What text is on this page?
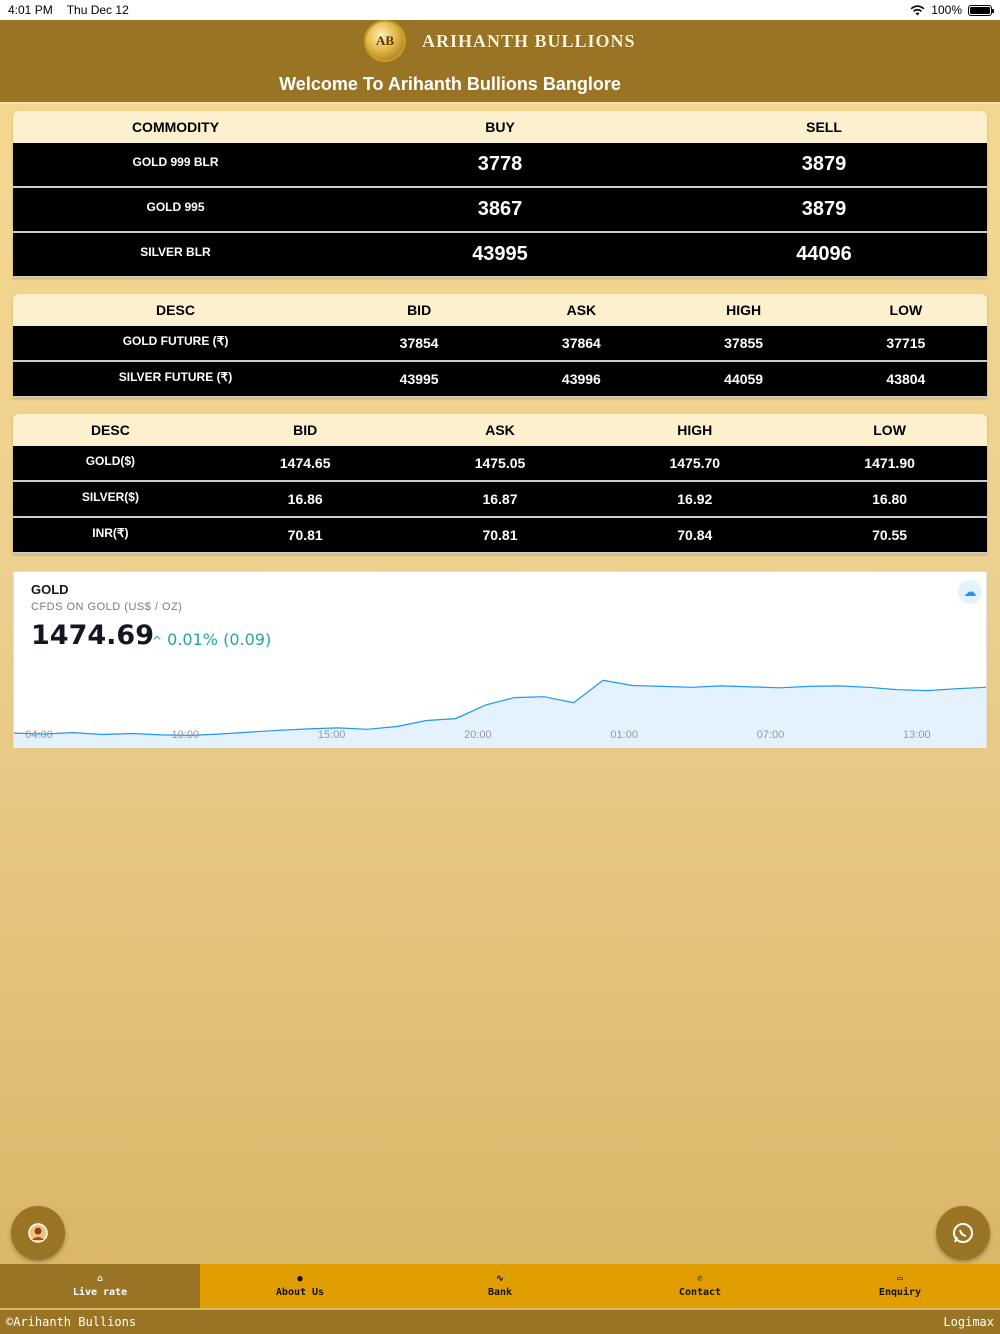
4:01 PM Thu Dec 12	100%
AB	ARIHANTH BULLIONS
Welcome To Arihanth Bullions Banglore
COMMODITY	BUY	SELL
GOLD 999 BLR	3778	3879
GOLD 995	3867	3879
SILVER BLR	43995	44096
DESC	BID	ASK	HIGH	LOW
GOLD FUTURE (₹)	37854	37864	37855	37715
SILVER FUTURE (₹)	43995	43996	44059	43804
DESC	BID	ASK	HIGH	LOW
GOLD($)	1474.65	1475.05	1475.70	1471.90
SILVER($)	16.86	16.87	16.92	16.80
INR(₹)	70.81	70.81	70.84	70.55
GOLD
CFDS ON GOLD (US$ / OZ)
1474.69
^ 0.01% (0.09)
☁
04:00	10:00	15:00	20:00	01:00	07:00	13:00
⌂
Live rate
●
About Us
∿
Bank
✆
Contact
▭
Enquiry
©Arihanth Bullions	Logimax
